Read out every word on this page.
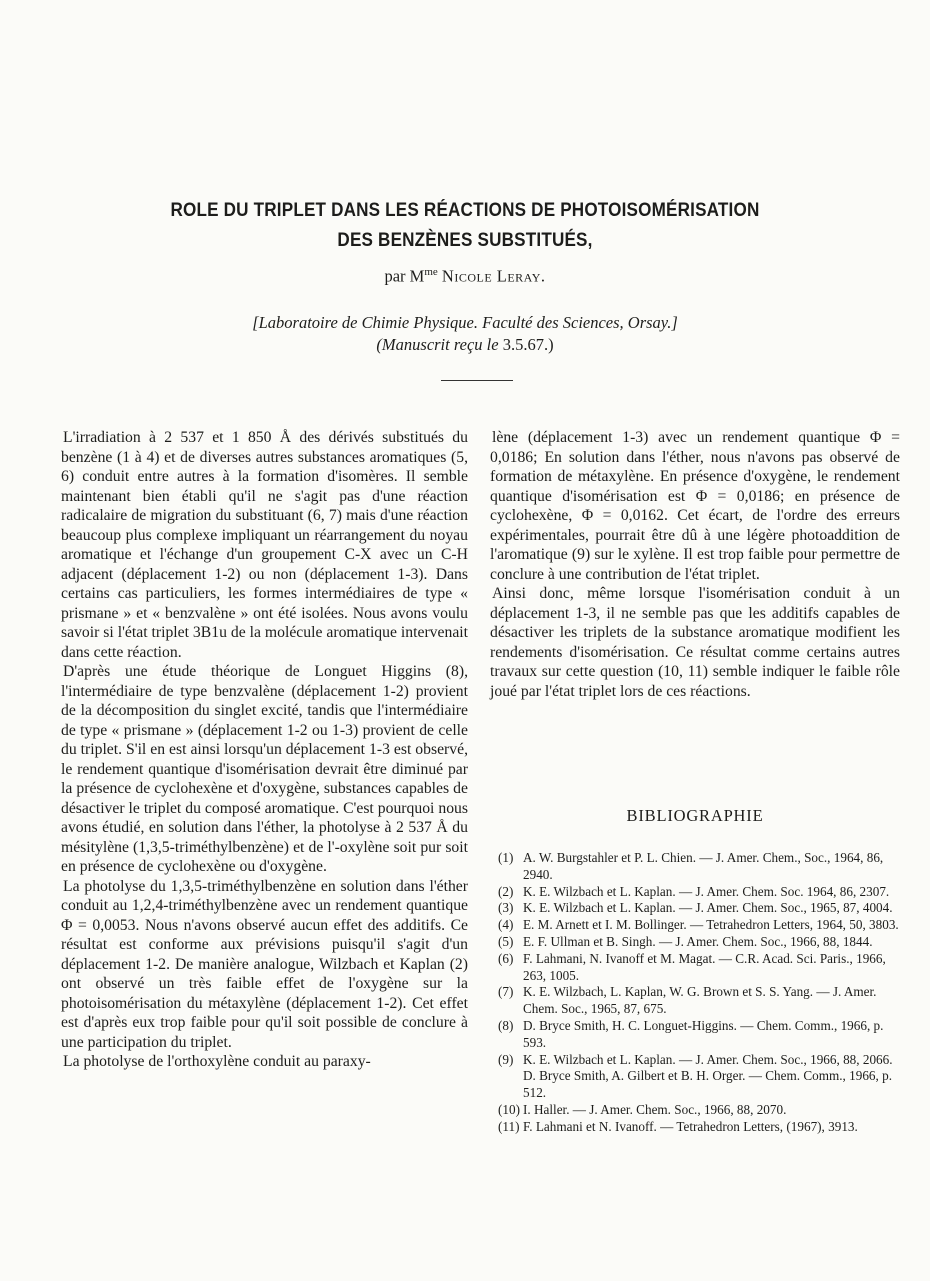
ROLE DU TRIPLET DANS LES RÉACTIONS DE PHOTOISOMÉRISATION
DES BENZÈNES SUBSTITUÉS,
par $M^{me}$ Nicole Leray.
[Laboratoire de Chimie Physique. Faculté des Sciences, Orsay.]
(Manuscrit reçu le 3.5.67.)

L'irradiation à 2 537 et 1 850 Å des dérivés substitués du benzène (1 à 4) et de diverses autres substances aromatiques (5, 6) conduit entre autres à la formation d'isomères. Il semble maintenant bien établi qu'il ne s'agit pas d'une réaction radicalaire de migration du substituant (6, 7) mais d'une réaction beaucoup plus complexe impliquant un réarrangement du noyau aromatique et l'échange d'un groupement C-X avec un C-H adjacent (déplacement 1-2) ou non (déplacement 1-3). Dans certains cas particuliers, les formes intermédiaires de type « prismane » et « benzvalène » ont été isolées. Nous avons voulu savoir si l'état triplet 3B1u de la molécule aromatique intervenait dans cette réaction.

D'après une étude théorique de Longuet Higgins (8), l'intermédiaire de type benzvalène (déplacement 1-2) provient de la décomposition du singlet excité, tandis que l'intermédiaire de type « prismane » (déplacement 1-2 ou 1-3) provient de celle du triplet. S'il en est ainsi lorsqu'un déplacement 1-3 est observé, le rendement quantique d'isomérisation devrait être diminué par la présence de cyclohexène et d'oxygène, substances capables de désactiver le triplet du composé aromatique. C'est pourquoi nous avons étudié, en solution dans l'éther, la photolyse à 2 537 Å du mésitylène (1,3,5-triméthylbenzène) et de l'-oxylène soit pur soit en présence de cyclohexène ou d'oxygène.

La photolyse du 1,3,5-triméthylbenzène en solution dans l'éther conduit au 1,2,4-triméthylbenzène avec un rendement quantique Φ = 0,0053. Nous n'avons observé aucun effet des additifs. Ce résultat est conforme aux prévisions puisqu'il s'agit d'un déplacement 1-2. De manière analogue, Wilzbach et Kaplan (2) ont observé un très faible effet de l'oxygène sur la photoisomérisation du métaxylène (déplacement 1-2). Cet effet est d'après eux trop faible pour qu'il soit possible de conclure à une participation du triplet.

La photolyse de l'orthoxylène conduit au paraxy-

lène (déplacement 1-3) avec un rendement quantique Φ = 0,0186; En solution dans l'éther, nous n'avons pas observé de formation de métaxylène. En présence d'oxygène, le rendement quantique d'isomérisation est Φ = 0,0186; en présence de cyclohexène, Φ = 0,0162. Cet écart, de l'ordre des erreurs expérimentales, pourrait être dû à une légère photoaddition de l'aromatique (9) sur le xylène. Il est trop faible pour permettre de conclure à une contribution de l'état triplet.

Ainsi donc, même lorsque l'isomérisation conduit à un déplacement 1-3, il ne semble pas que les additifs capables de désactiver les triplets de la substance aromatique modifient les rendements d'isomérisation. Ce résultat comme certains autres travaux sur cette question (10, 11) semble indiquer le faible rôle joué par l'état triplet lors de ces réactions.

BIBLIOGRAPHIE
(1) A. W. Burgstahler et P. L. Chien. — J. Amer. Chem., Soc., 1964, 86, 2940.
(2) K. E. Wilzbach et L. Kaplan. — J. Amer. Chem. Soc. 1964, 86, 2307.
(3) K. E. Wilzbach et L. Kaplan. — J. Amer. Chem. Soc., 1965, 87, 4004.
(4) E. M. Arnett et I. M. Bollinger. — Tetrahedron Letters, 1964, 50, 3803.
(5) E. F. Ullman et B. Singh. — J. Amer. Chem. Soc., 1966, 88, 1844.
(6) F. Lahmani, N. Ivanoff et M. Magat. — C.R. Acad. Sci. Paris., 1966, 263, 1005.
(7) K. E. Wilzbach, L. Kaplan, W. G. Brown et S. S. Yang. — J. Amer. Chem. Soc., 1965, 87, 675.
(8) D. Bryce Smith, H. C. Longuet-Higgins. — Chem. Comm., 1966, p. 593.
(9) K. E. Wilzbach et L. Kaplan. — J. Amer. Chem. Soc., 1966, 88, 2066.
D. Bryce Smith, A. Gilbert et B. H. Orger. — Chem. Comm., 1966, p. 512.
(10) I. Haller. — J. Amer. Chem. Soc., 1966, 88, 2070.
(11) F. Lahmani et N. Ivanoff. — Tetrahedron Letters, (1967), 3913.
